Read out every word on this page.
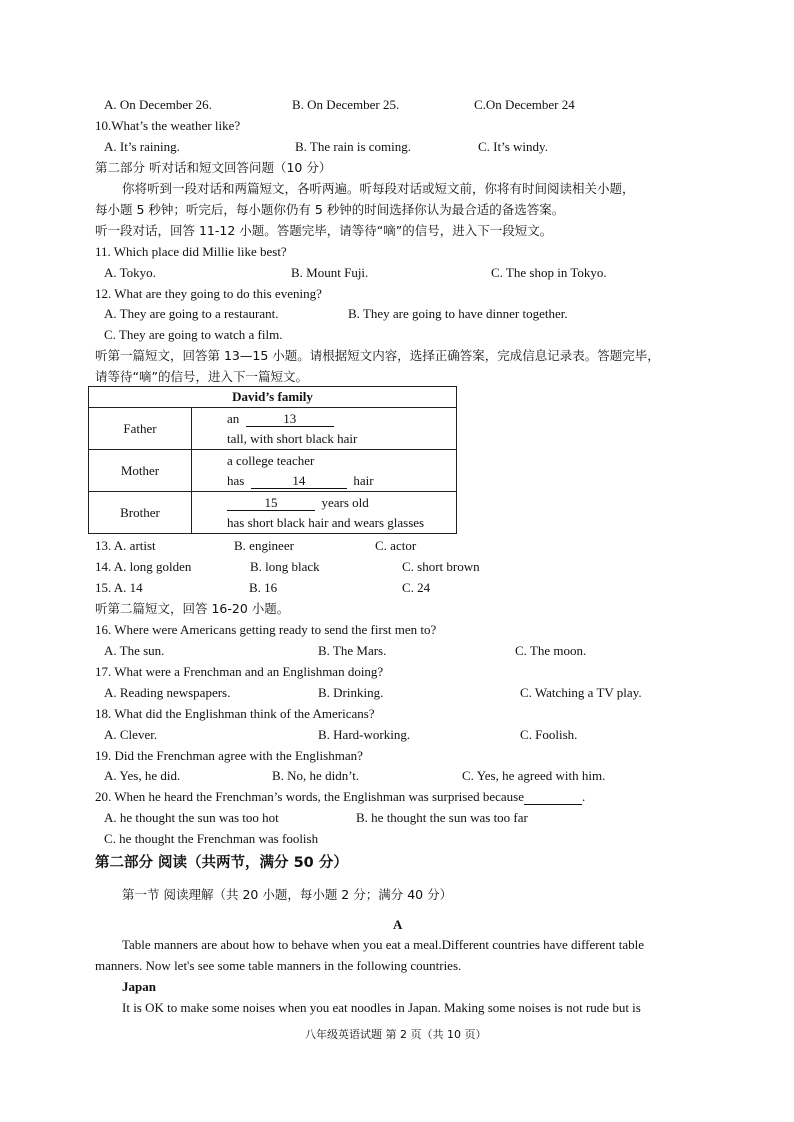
A. On December 26.	B. On December 25.	C.On December 24
10.What’s the weather like?
A. It’s raining.	B. The rain is coming.	C. It’s windy.
第二部分 听对话和短文回答问题（10 分）
你将听到一段对话和两篇短文，各听两遍。听每段对话或短文前，你将有时间阅读相关小题，
每小题 5 秒钟；听完后，每小题你仍有 5 秒钟的时间选择你认为最合适的备选答案。
听一段对话，回答 11-12 小题。答题完毕，请等待“嘀”的信号，进入下一段短文。
11. Which place did Millie like best?
A. Tokyo.	B. Mount Fuji.	C. The shop in Tokyo.
12. What are they going to do this evening?
A. They are going to a restaurant.	B. They are going to have dinner together.
C. They are going to watch a film.
听第一篇短文，回答第 13—15 小题。请根据短文内容，选择正确答案，完成信息记录表。答题完毕，
请等待“嘀”的信号，进入下一篇短文。
David’s family	
Father	an 13
tall, with short black hair

Mother	a college teacher
has 14 hair

Brother	15 years old
has short black hair and wears glasses
13. A. artist	B. engineer	C. actor
14. A. long golden	B. long black	C. short brown
15. A. 14	B. 16	C. 24
听第二篇短文，回答 16-20 小题。
16. Where were Americans getting ready to send the first men to?
A. The sun.	B. The Mars.	C. The moon.
17. What were a Frenchman and an Englishman doing?
A. Reading newspapers.	B. Drinking.	C. Watching a TV play.
18. What did the Englishman think of the Americans?
A. Clever.	B. Hard-working.	C. Foolish.
19. Did the Frenchman agree with the Englishman?
A. Yes, he did.	B. No, he didn’t.	C. Yes, he agreed with him.
20. When he heard the Frenchman’s words, the Englishman was surprised because	.
A. he thought the sun was too hot	B. he thought the sun was too far
C. he thought the Frenchman was foolish
第二部分 阅读（共两节，满分 50 分）
第一节 阅读理解（共 20 小题，每小题 2 分；满分 40 分）
A
Table manners are about how to behave when you eat a meal.Different countries have different table
manners. Now let's see some table manners in the following countries.
Japan
It is OK to make some noises when you eat noodles in Japan. Making some noises is not rude but is
八年级英语试题 第 2 页（共 10 页）
